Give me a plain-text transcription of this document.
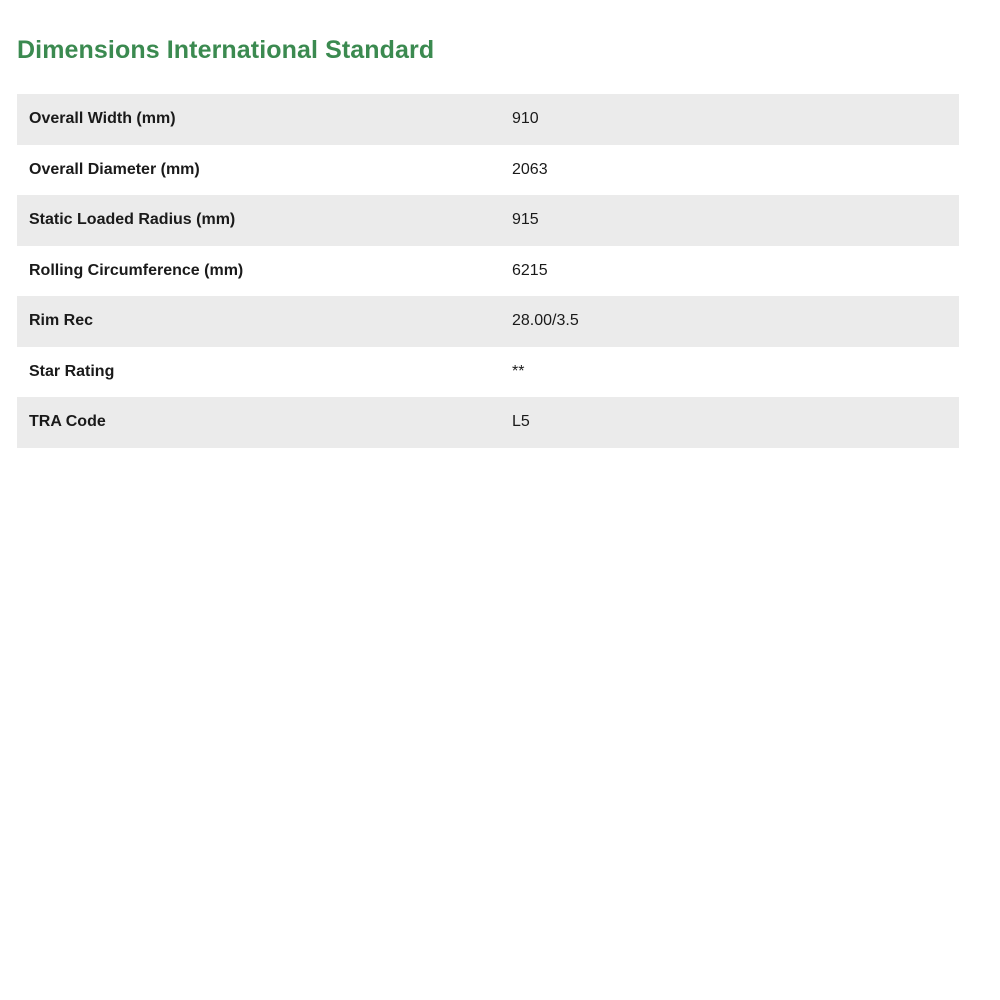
Dimensions International Standard
Overall Width (mm)	910
Overall Diameter (mm)	2063
Static Loaded Radius (mm)	915
Rolling Circumference (mm)	6215
Rim Rec	28.00/3.5
Star Rating	**
TRA Code	L5
